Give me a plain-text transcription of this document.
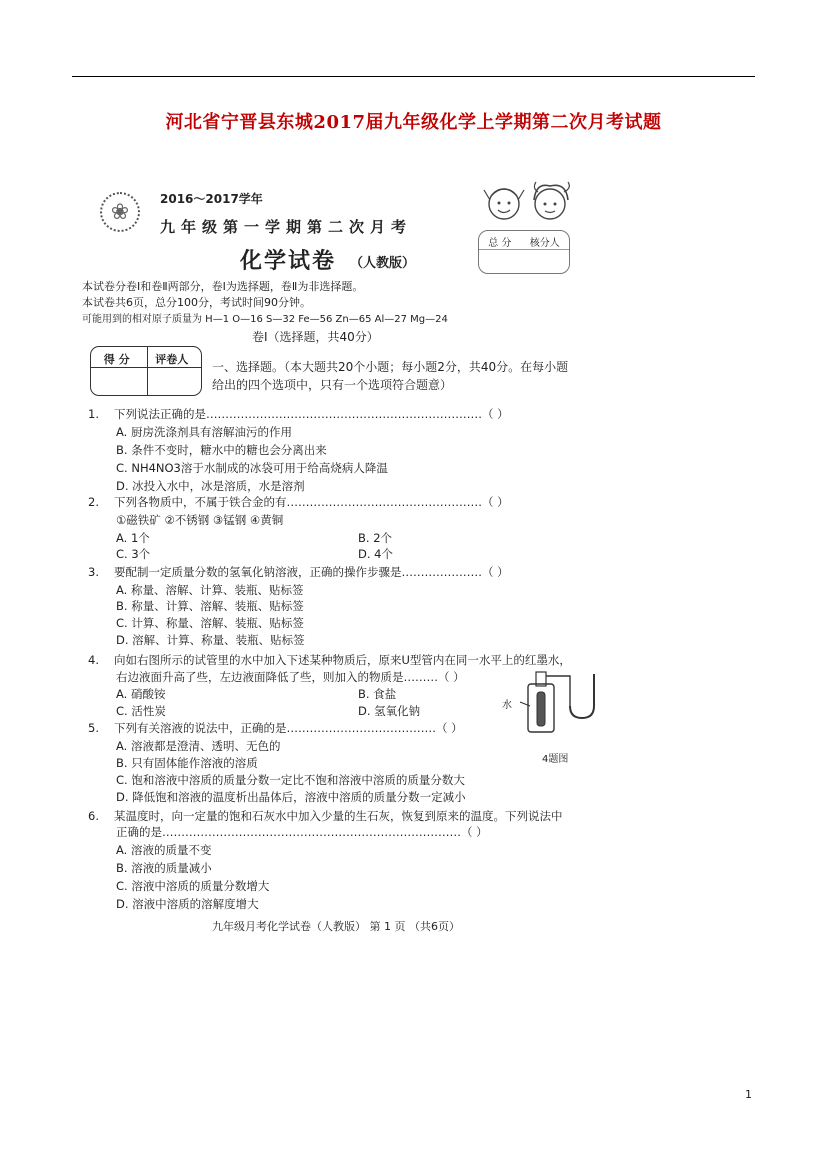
河北省宁晋县东城2017届九年级化学上学期第二次月考试题
❀
2016～2017学年
九年级第一学期第二次月考
化学试卷 （人教版）
总 分 核分人
本试卷分卷Ⅰ和卷Ⅱ两部分，卷Ⅰ为选择题，卷Ⅱ为非选择题。
本试卷共6页，总分100分，考试时间90分钟。
可能用到的相对原子质量为 H—1 O—16 S—32 Fe—56 Zn—65 Al—27 Mg—24
卷Ⅰ（选择题，共40分）
得 分 评卷人
一、选择题。（本大题共20个小题；每小题2分，共40分。在每小题
给出的四个选项中，只有一个选项符合题意）
1. 下列说法正确的是………………………………………………………………（ ）
A. 厨房洗涤剂具有溶解油污的作用
B. 条件不变时，糖水中的糖也会分离出来
C. NH4NO3溶于水制成的冰袋可用于给高烧病人降温
D. 冰投入水中，冰是溶质，水是溶剂
2. 下列各物质中，不属于铁合金的有……………………………………………（ ）
①磁铁矿 ②不锈钢 ③锰钢 ④黄铜
A. 1个	B. 2个
C. 3个	D. 4个
3. 要配制一定质量分数的氢氧化钠溶液，正确的操作步骤是…………………（ ）
A. 称量、溶解、计算、装瓶、贴标签
B. 称量、计算、溶解、装瓶、贴标签
C. 计算、称量、溶解、装瓶、贴标签
D. 溶解、计算、称量、装瓶、贴标签
4. 向如右图所示的试管里的水中加入下述某种物质后，原来U型管内在同一水平上的红墨水，
右边液面升高了些，左边液面降低了些，则加入的物质是………（ ）
A. 硝酸铵	B. 食盐
C. 活性炭	D. 氢氧化钠	水
4题图
5. 下列有关溶液的说法中，正确的是…………………………………（ ）
A. 溶液都是澄清、透明、无色的
B. 只有固体能作溶液的溶质
C. 饱和溶液中溶质的质量分数一定比不饱和溶液中溶质的质量分数大
D. 降低饱和溶液的温度析出晶体后，溶液中溶质的质量分数一定减小
6. 某温度时，向一定量的饱和石灰水中加入少量的生石灰，恢复到原来的温度。下列说法中
正确的是……………………………………………………………………（ ）
A. 溶液的质量不变
B. 溶液的质量减小
C. 溶液中溶质的质量分数增大
D. 溶液中溶质的溶解度增大
九年级月考化学试卷（人教版） 第 1 页 （共6页）
1
